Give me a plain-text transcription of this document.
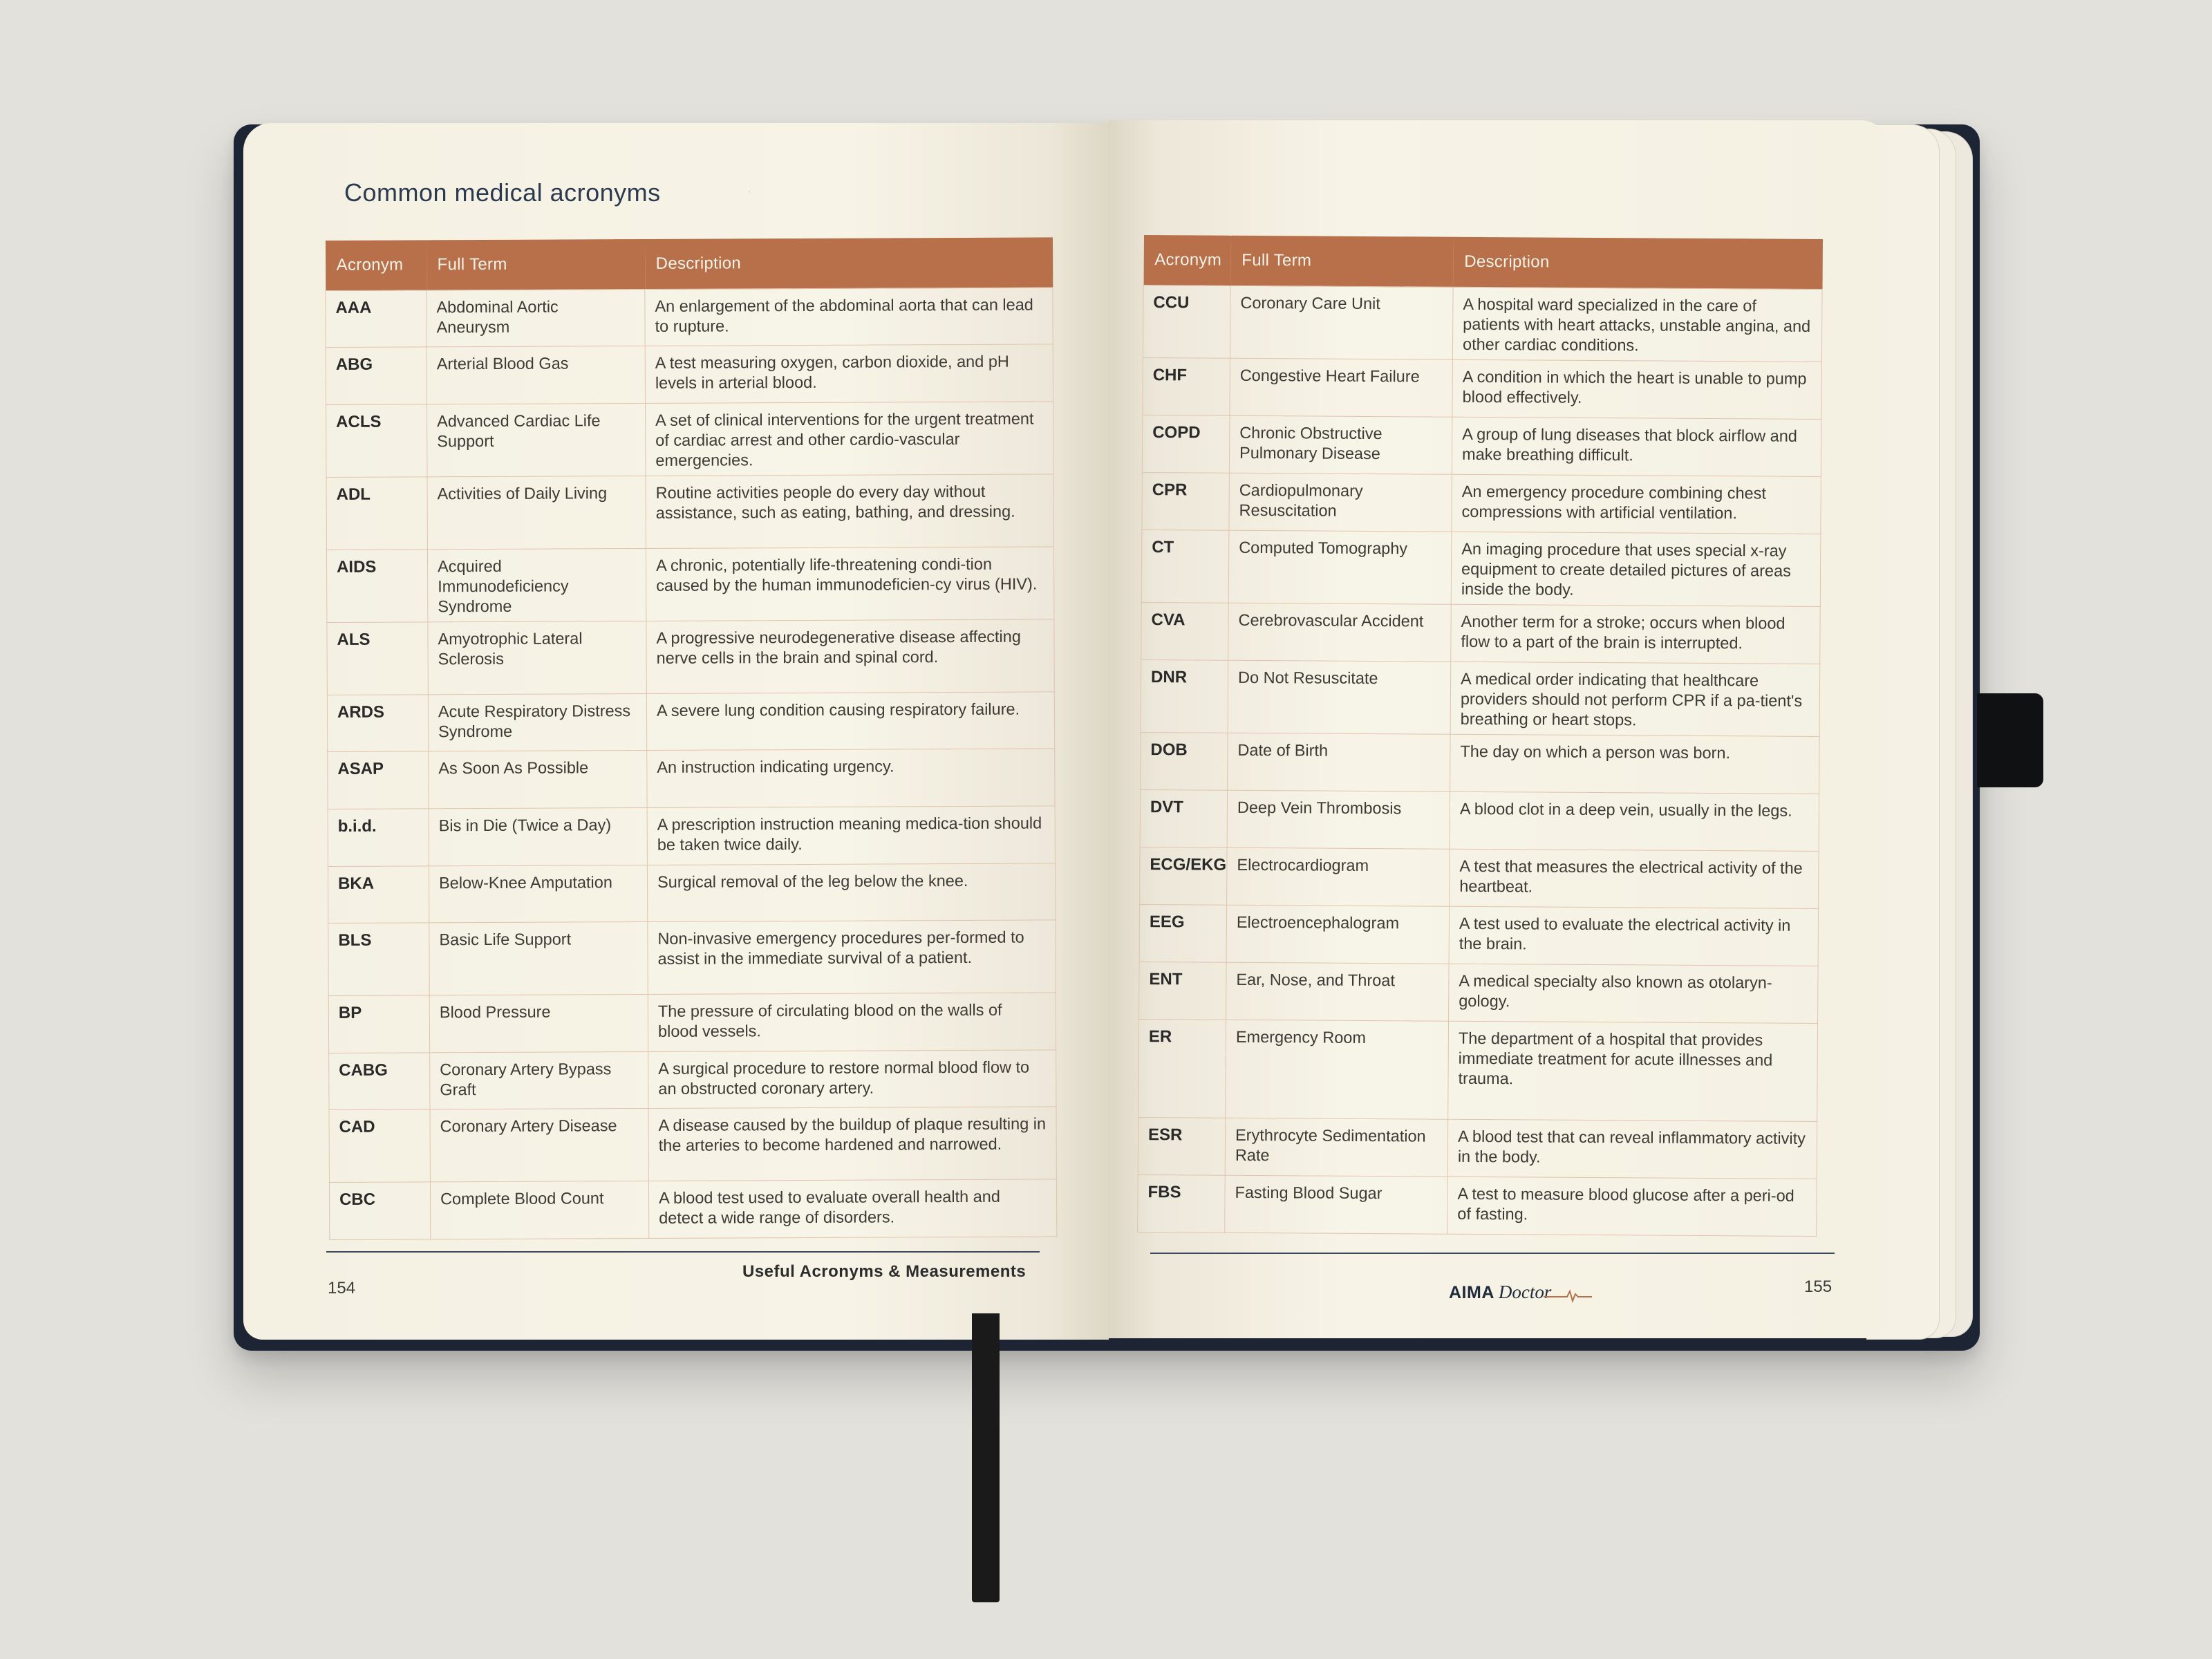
·
Common medical acronyms
Acronym	Full Term	Description
AAA	Abdominal Aortic Aneurysm	An enlargement of the abdominal aorta that can lead to rupture.
ABG	Arterial Blood Gas	A test measuring oxygen, carbon dioxide, and pH levels in arterial blood.
ACLS	Advanced Cardiac Life Support	A set of clinical interventions for the urgent treatment of cardiac arrest and other cardio-vascular emergencies.
ADL	Activities of Daily Living	Routine activities people do every day without assistance, such as eating, bathing, and dressing.
AIDS	Acquired Immunodeficiency Syndrome	A chronic, potentially life-threatening condi-tion caused by the human immunodeficien-cy virus (HIV).
ALS	Amyotrophic Lateral Sclerosis	A progressive neurodegenerative disease affecting nerve cells in the brain and spinal cord.
ARDS	Acute Respiratory Distress Syndrome	A severe lung condition causing respiratory failure.
ASAP	As Soon As Possible	An instruction indicating urgency.
b.i.d.	Bis in Die (Twice a Day)	A prescription instruction meaning medica-tion should be taken twice daily.
BKA	Below-Knee Amputation	Surgical removal of the leg below the knee.
BLS	Basic Life Support	Non-invasive emergency procedures per-formed to assist in the immediate survival of a patient.
BP	Blood Pressure	The pressure of circulating blood on the walls of blood vessels.
CABG	Coronary Artery Bypass Graft	A surgical procedure to restore normal blood flow to an obstructed coronary artery.
CAD	Coronary Artery Disease	A disease caused by the buildup of plaque resulting in the arteries to become hardened and narrowed.
CBC	Complete Blood Count	A blood test used to evaluate overall health and detect a wide range of disorders.
154
Useful Acronyms & Measurements
Acronym	Full Term	Description
CCU	Coronary Care Unit	A hospital ward specialized in the care of patients with heart attacks, unstable angina, and other cardiac conditions.
CHF	Congestive Heart Failure	A condition in which the heart is unable to pump blood effectively.
COPD	Chronic Obstructive Pulmonary Disease	A group of lung diseases that block airflow and make breathing difficult.
CPR	Cardiopulmonary Resuscitation	An emergency procedure combining chest compressions with artificial ventilation.
CT	Computed Tomography	An imaging procedure that uses special x-ray equipment to create detailed pictures of areas inside the body.
CVA	Cerebrovascular Accident	Another term for a stroke; occurs when blood flow to a part of the brain is interrupted.
DNR	Do Not Resuscitate	A medical order indicating that healthcare providers should not perform CPR if a pa-tient's breathing or heart stops.
DOB	Date of Birth	The day on which a person was born.
DVT	Deep Vein Thrombosis	A blood clot in a deep vein, usually in the legs.
ECG/EKG	Electrocardiogram	A test that measures the electrical activity of the heartbeat.
EEG	Electroencephalogram	A test used to evaluate the electrical activity in the brain.
ENT	Ear, Nose, and Throat	A medical specialty also known as otolaryn-gology.
ER	Emergency Room	The department of a hospital that provides immediate treatment for acute illnesses and trauma.
ESR	Erythrocyte Sedimentation Rate	A blood test that can reveal inflammatory activity in the body.
FBS	Fasting Blood Sugar	A test to measure blood glucose after a peri-od of fasting.
AIMA Doctor	155
